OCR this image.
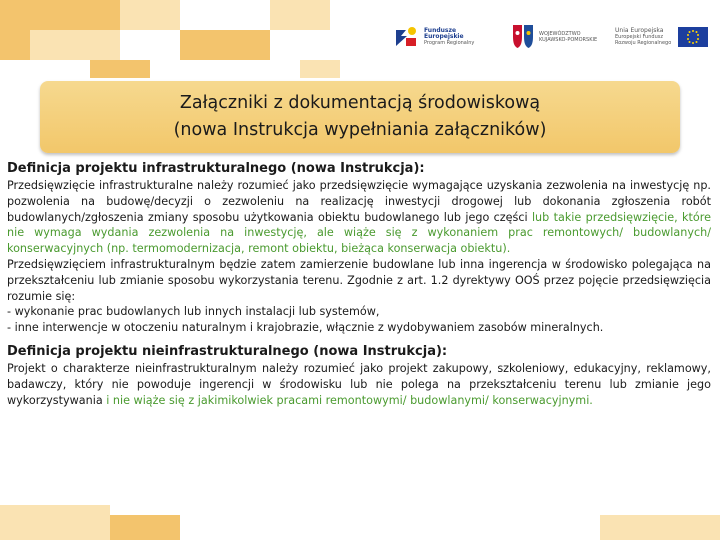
Fundusze
Europejskie
Program Regionalny
WOJEWÓDZTWO
KUJAWSKO-POMORSKIE
Unia Europejska
Europejski Fundusz
Rozwoju Regionalnego
Załączniki z dokumentacją środowiskową
(nowa Instrukcja wypełniania załączników)

Definicja projektu infrastrukturalnego (nowa Instrukcja):

Przedsięwzięcie infrastrukturalne należy rozumieć jako przedsięwzięcie wymagające uzyskania zezwolenia na inwestycję np. pozwolenia na budowę/decyzji o zezwoleniu na realizację inwestycji drogowej lub dokonania zgłoszenia robót budowlanych/zgłoszenia zmiany sposobu użytkowania obiektu budowlanego lub jego części lub takie przedsięwzięcie, które nie wymaga wydania zezwolenia na inwestycję, ale wiąże się z wykonaniem prac remontowych/ budowlanych/ konserwacyjnych (np. termomodernizacja, remont obiektu, bieżąca konserwacja obiektu).

Przedsięwzięciem infrastrukturalnym będzie zatem zamierzenie budowlane lub inna ingerencja w środowisko polegająca na przekształceniu lub zmianie sposobu wykorzystania terenu. Zgodnie z art. 1.2 dyrektywy OOŚ przez pojęcie przedsięwzięcia rozumie się:

- wykonanie prac budowlanych lub innych instalacji lub systemów,

- inne interwencje w otoczeniu naturalnym i krajobrazie, włącznie z wydobywaniem zasobów mineralnych.

Definicja projektu nieinfrastrukturalnego (nowa Instrukcja):

Projekt o charakterze nieinfrastrukturalnym należy rozumieć jako projekt zakupowy, szkoleniowy, edukacyjny, reklamowy, badawczy, który nie powoduje ingerencji w środowisku lub nie polega na przekształceniu terenu lub zmianie jego wykorzystywania i nie wiąże się z jakimikolwiek pracami remontowymi/ budowlanymi/ konserwacyjnymi.
